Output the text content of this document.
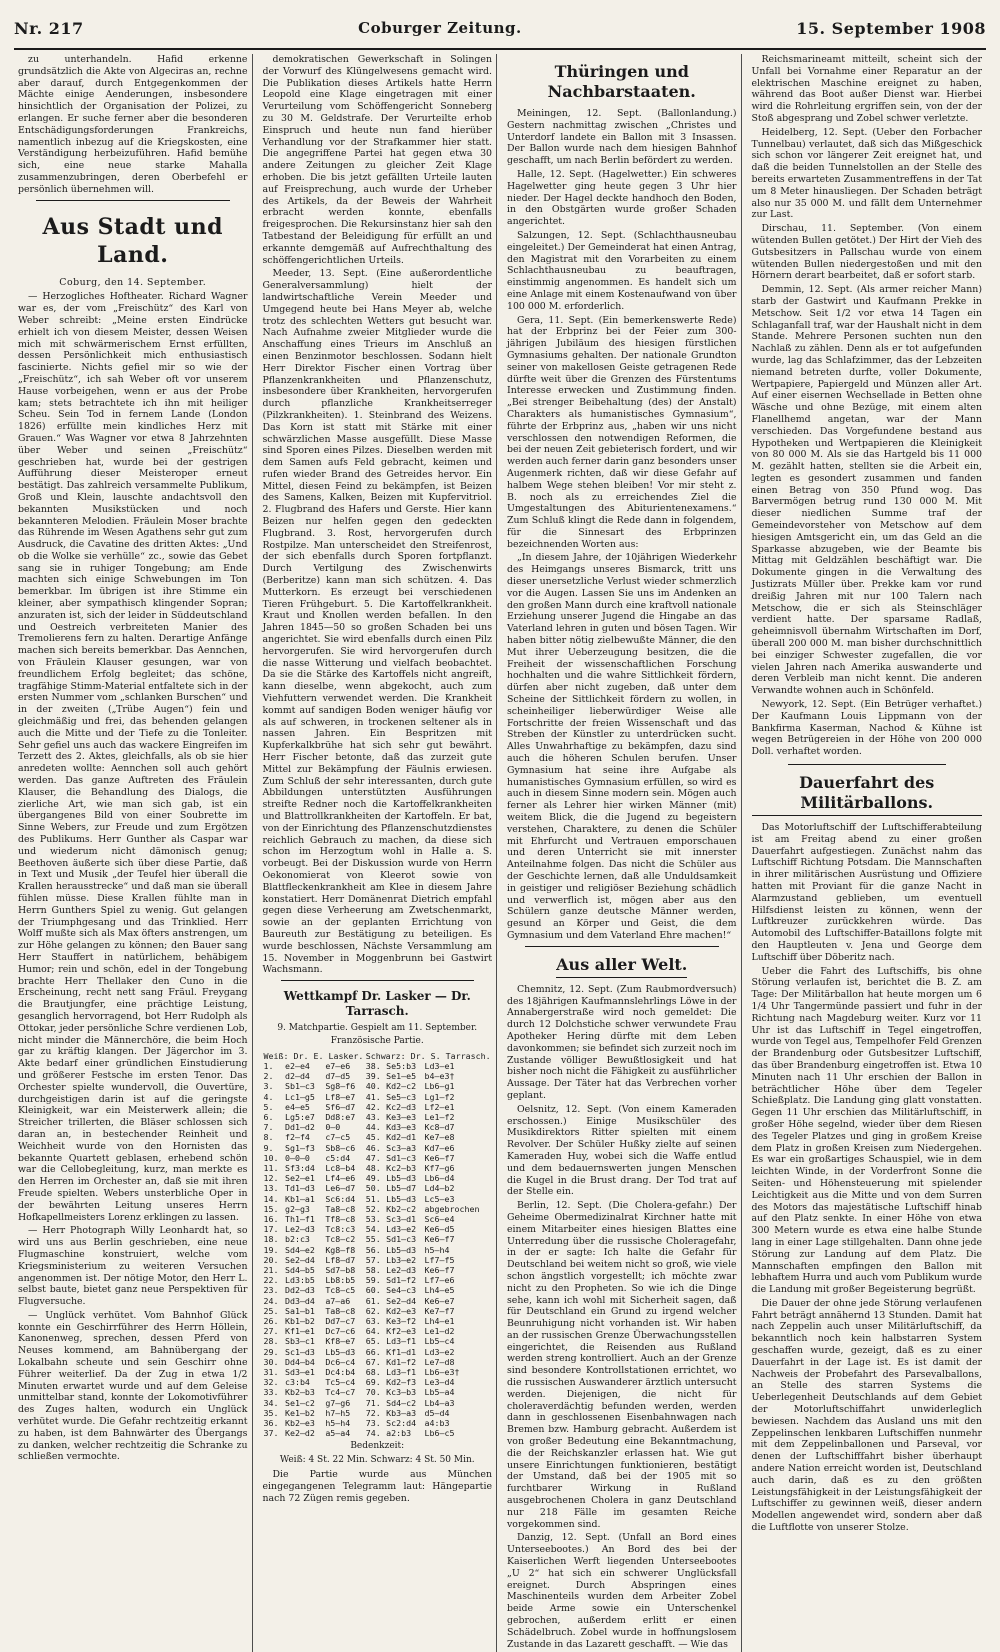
Nr. 217	Coburger Zeitung.	15. September 1908

zu unterhandeln. Hafid erkenne grundsätzlich die Akte von Algeciras an, rechne aber darauf, durch Entgegenkommen der Mächte einige Aenderungen, insbesondere hinsichtlich der Organisation der Polizei, zu erlangen. Er suche ferner aber die besonderen Entschädigungsforderungen Frankreichs, namentlich inbezug auf die Kriegskosten, eine Verständigung herbeizuführen. Hafid bemühe sich, eine neue starke Mahalla zusammenzubringen, deren Oberbefehl er persönlich übernehmen will.

Aus Stadt und Land.
Coburg, den 14. September.

— Herzogliches Hoftheater. Richard Wagner war es, der vom „Freischütz“ des Karl von Weber schreibt: „Meine ersten Eindrücke erhielt ich von diesem Meister, dessen Weisen mich mit schwärmerischem Ernst erfüllten, dessen Persönlichkeit mich enthusiastisch fascinierte. Nichts gefiel mir so wie der „Freischütz“, ich sah Weber oft vor unserem Hause vorbeigehen, wenn er aus der Probe kam; stets betrachtete ich ihn mit heiliger Scheu. Sein Tod in fernem Lande (London 1826) erfüllte mein kindliches Herz mit Grauen.“ Was Wagner vor etwa 8 Jahrzehnten über Weber und seinen „Freischütz“ geschrieben hat, wurde bei der gestrigen Aufführung dieser Meisteroper erneut bestätigt. Das zahlreich versammelte Publikum, Groß und Klein, lauschte andachtsvoll den bekannten Musikstücken und noch bekannteren Melodien. Fräulein Moser brachte das Rührende im Wesen Agathens sehr gut zum Ausdruck, die Cavatine des dritten Aktes: „Und ob die Wolke sie verhülle“ zc., sowie das Gebet sang sie in ruhiger Tongebung; am Ende machten sich einige Schwebungen im Ton bemerkbar. Im übrigen ist ihre Stimme ein kleiner, aber sympathisch klingender Sopran; anzuraten ist, sich der leider in Süddeutschland und Oestreich verbreiteten Manier des Tremolierens fern zu halten. Derartige Anfänge machen sich bereits bemerkbar. Das Aennchen, von Fräulein Klauser gesungen, war von freundlichem Erfolg begleitet; das schöne, tragfähige Stimm-Material entfaltete sich in der ersten Nummer vom „schlanken Burschen“ und in der zweiten („Trübe Augen“) fein und gleichmäßig und frei, das behenden gelangen auch die Mitte und der Tiefe zu die Tonleiter. Sehr gefiel uns auch das wackere Eingreifen im Terzett des 2. Aktes, gleichfalls, als ob sie hier anredeten wollte: Aennchen soll auch gehört werden. Das ganze Auftreten des Fräulein Klauser, die Behandlung des Dialogs, die zierliche Art, wie man sich gab, ist ein übergangenes Bild von einer Soubrette im Sinne Webers, zur Freude und zum Ergötzen des Publikums. Herr Gunther als Caspar war und wiederum nicht dämonisch genug; Beethoven äußerte sich über diese Partie, daß in Text und Musik „der Teufel hier überall die Krallen herausstrecke“ und daß man sie überall fühlen müsse. Diese Krallen fühlte man in Herrn Gunthers Spiel zu wenig. Gut gelangen der Triumphgesang und das Trinklied. Herr Wolff mußte sich als Max öfters anstrengen, um zur Höhe gelangen zu können; den Bauer sang Herr Stauffert in natürlichem, behäbigem Humor; rein und schön, edel in der Tongebung brachte Herr Thellaker den Cuno in die Erscheinung, recht nett sang Fräul. Freygang die Brautjungfer, eine prächtige Leistung, gesanglich hervorragend, bot Herr Rudolph als Ottokar, jeder persönliche Schre verdienen Lob, nicht minder die Männerchöre, die beim Hoch gar zu kräftig klangen. Der Jägerchor im 3. Akte bedarf einer gründlichen Einstudierung und größerer Festsche im ersten Tenor. Das Orchester spielte wundervoll, die Ouvertüre, durchgeistigen darin ist auf die geringste Kleinigkeit, war ein Meisterwerk allein; die Streicher trillerten, die Bläser schlossen sich daran an, in bestechender Reinheit und Weichheit wurde von den Hornisten das bekannte Quartett geblasen, erhebend schön war die Cellobegleitung, kurz, man merkte es den Herren im Orchester an, daß sie mit ihren Freude spielten. Webers unsterbliche Oper in der bewährten Leitung unseres Herrn Hofkapellmeisters Lorenz erklingen zu lassen.

— Herr Photograph Willy Leonhardt hat, so wird uns aus Berlin geschrieben, eine neue Flugmaschine konstruiert, welche vom Kriegsministerium zu weiteren Versuchen angenommen ist. Der nötige Motor, den Herr L. selbst baute, bietet ganz neue Perspektiven für Flugversuche.

— Unglück verhütet. Vom Bahnhof Glück konnte ein Geschirrführer des Herrn Höllein, Kanonenweg, sprechen, dessen Pferd von Neuses kommend, am Bahnübergang der Lokalbahn scheute und sein Geschirr ohne Führer weiterlief. Da der Zug in etwa 1/2 Minuten erwartet wurde und auf dem Geleise unmittelbar stand, konnte der Lokomotivführer des Zuges halten, wodurch ein Unglück verhütet wurde. Die Gefahr rechtzeitig erkannt zu haben, ist dem Bahnwärter des Übergangs zu danken, welcher rechtzeitig die Schranke zu schließen vermochte.

demokratischen Gewerkschaft in Solingen der Vorwurf des Klüngelwesens gemacht wird. Die Publikation dieses Artikels hatte Herrn Leopold eine Klage eingetragen mit einer Verurteilung vom Schöffengericht Sonneberg zu 30 M. Geldstrafe. Der Verurteilte erhob Einspruch und heute nun fand hierüber Verhandlung vor der Strafkammer hier statt. Die angegriffene Partei hat gegen etwa 30 andere Zeitungen zu gleicher Zeit Klage erhoben. Die bis jetzt gefällten Urteile lauten auf Freisprechung, auch wurde der Urheber des Artikels, da der Beweis der Wahrheit erbracht werden konnte, ebenfalls freigesprochen. Die Rekursinstanz hier sah den Tatbestand der Beleidigung für erfüllt an und erkannte demgemäß auf Aufrechthaltung des schöffengerichtlichen Urteils.

Meeder, 13. Sept. (Eine außerordentliche Generalversammlung) hielt der landwirtschaftliche Verein Meeder und Umgegend heute bei Hans Meyer ab, welche trotz des schlechten Wetters gut besucht war. Nach Aufnahme zweier Mitglieder wurde die Anschaffung eines Trieurs im Anschluß an einen Benzinmotor beschlossen. Sodann hielt Herr Direktor Fischer einen Vortrag über Pflanzenkrankheiten und Pflanzenschutz, insbesondere über Krankheiten, hervorgerufen durch pflanzliche Krankheitserreger (Pilzkrankheiten). 1. Steinbrand des Weizens. Das Korn ist statt mit Stärke mit einer schwärzlichen Masse ausgefüllt. Diese Masse sind Sporen eines Pilzes. Dieselben werden mit dem Samen aufs Feld gebracht, keimen und rufen wieder Brand des Getreides hervor. Ein Mittel, diesen Feind zu bekämpfen, ist Beizen des Samens, Kalken, Beizen mit Kupfervitriol. 2. Flugbrand des Hafers und Gerste. Hier kann Beizen nur helfen gegen den gedeckten Flugbrand. 3. Rost, hervorgerufen durch Rostpilze. Man unterscheidet den Streifenrost, der sich ebenfalls durch Sporen fortpflanzt. Durch Vertilgung des Zwischenwirts (Berberitze) kann man sich schützen. 4. Das Mutterkorn. Es erzeugt bei verschiedenen Tieren Frühgeburt. 5. Die Kartoffelkrankheit. Kraut und Knollen werden befallen. In den Jahren 1845—50 so großen Schaden bei uns angerichtet. Sie wird ebenfalls durch einen Pilz hervorgerufen. Sie wird hervorgerufen durch die nasse Witterung und vielfach beobachtet. Da sie die Stärke des Kartoffels nicht angreift, kann dieselbe, wenn abgekocht, auch zum Viehfuttern verwendet werden. Die Krankheit kommt auf sandigen Boden weniger häufig vor als auf schweren, in trockenen seltener als in nassen Jahren. Ein Bespritzen mit Kupferkalkbrühe hat sich sehr gut bewährt. Herr Fischer betonte, daß das zurzeit gute Mittel zur Bekämpfung der Fäulnis erwiesen. Zum Schluß der sehr interessanten, durch gute Abbildungen unterstützten Ausführungen streifte Redner noch die Kartoffelkrankheiten und Blattrollkrankheiten der Kartoffeln. Er bat, von der Einrichtung des Pflanzenschutzdienstes reichlich Gebrauch zu machen, da diese sich schon im Herzogtum wohl in Halle a. S. vorbeugt. Bei der Diskussion wurde von Herrn Oekonomierat von Kleerot sowie von Blattfleckenkrankheit am Klee in diesem Jahre konstatiert. Herr Domänenrat Dietrich empfahl gegen diese Verheerung am Zwetschenmarkt, sowie an der geplanten Errichtung von Baureuth zur Bestätigung zu beteiligen. Es wurde beschlossen, Nächste Versammlung am 15. November in Moggenbrunn bei Gastwirt Wachsmann.

Wettkampf Dr. Lasker — Dr. Tarrasch.
9. Matchpartie. Gespielt am 11. September.
Französische Partie.
Weiß: Dr. E. Lasker.			Schwarz: Dr. S. Tarrasch.		
1.	e2—e4	e7—e6	38.	Se5:b3	Ld3—e1
2.	d2—d4	d7—d5	39.	Se1—e5	b4—e3†
3.	Sb1—c3	Sg8—f6	40.	Kd2—c2	Lb6—g1
4.	Lc1—g5	Lf8—e7	41.	Se5—c3	Lg1—f2
5.	e4—e5	Sf6—d7	42.	Kc2—d3	Lf2—e1
6.	Lg5:e7	Dd8:e7	43.	Ke3—e3	Le1—f2
7.	Dd1—d2	0—0	44.	Kd3—e3	Kc8—d7
8.	f2—f4	c7—c5	45.	Kd2—d1	Ke7—e8
9.	Sg1—f3	Sb8—c6	46.	Sc3—a3	Kd7—e6
10.	0—0—0	c5:d4	47.	Sd1—c3	Ke6—f7
11.	Sf3:d4	Lc8—b4	48.	Kc2—b3	Kf7—g6
12.	Se2—e1	Lf4—e6	49.	Lb5—d3	Lb6—d4
13.	Td1—d3	Le6—d7	50.	Lb5—d7	Ld4—b2
14.	Kb1—a1	Sc6:d4	51.	Lb5—d3	Lc5—e3
15.	g2—g3	Ta8—c8	52.	Kb2—c2	abgebrochen
16.	Th1—f1	Tf8—c8	53.	Sc3—d1	Sc6—e4
17.	Le2—d3	Tc8:c3	54.	Ld3—e2	Ke6—d5
18.	b2:c3	Tc8—c2	55.	Sd1—c3	Ke6—f7
19.	Sd4—e2	Kg8—f8	56.	Lb5—d3	h5—h4
20.	Se2—d4	Lf8—d7	57.	Lb3—e2	Lf7—f5
21.	Sd4—b5	Sd7—b8	58.	Le2—d3	Ke6—f7
22.	Ld3:b5	Lb8:b5	59.	Sd1—f2	Lf7—e6
23.	Dd2—d3	Tc8—c5	60.	Se4—c3	Lh4—e5
24.	Dd3—d4	a7—a6	61.	Se2—d4	Ke6—e7
25.	Sa1—b1	Ta8—c8	62.	Kd2—e3	Ke7—f7
26.	Kb1—b2	Dd7—c7	63.	Ke3—f2	Lh4—e1
27.	Kf1—e1	Dc7—c6	64.	Kf2—e3	Le1—d2
28.	Sb3—c1	Kf8—e7	65.	Ld3—f1	Lb5—c4
29.	Sc1—d3	Lb5—d3	66.	Kf1—d1	Ld3—e2
30.	Dd4—b4	Dc6—c4	67.	Kd1—f2	Le7—d8
31.	Sd3—e1	Dc4:b4	68.	Ld3—f1	Lb6—e3†
32.	c3:b4	Tc5—c4	69.	Kd2—f3	Le3—d4
33.	Kb2—b3	Tc4—c7	70.	Kc3—b3	Lb5—a4
34.	Se1—c2	g7—g6	71.	Sd4—c2	Lb4—a3
35.	Ke1—b2	h7—h5	72.	Kb3—a3	d5—d4
36.	Kb2—e3	h5—h4	73.	Sc2:d4	a4:b3
37.	Ke2—d2	a5—a4	74.	a2:b3	Lb6—c5
Bedenkzeit:
Weiß: 4 St. 22 Min. Schwarz: 4 St. 50 Min.

Die Partie wurde aus München eingegangenen Telegramm laut: Hängepartie nach 72 Zügen remis gegeben.

Thüringen und Nachbarstaaten.

Meiningen, 12. Sept. (Ballonlandung.) Gestern nachmittag zwischen „Christes und Unterdorf landete ein Ballon mit 3 Insassen. Der Ballon wurde nach dem hiesigen Bahnhof geschafft, um nach Berlin befördert zu werden.

Halle, 12. Sept. (Hagelwetter.) Ein schweres Hagelwetter ging heute gegen 3 Uhr hier nieder. Der Hagel deckte handhoch den Boden, in den Obstgärten wurde großer Schaden angerichtet.

Salzungen, 12. Sept. (Schlachthausneubau eingeleitet.) Der Gemeinderat hat einen Antrag, den Magistrat mit den Vorarbeiten zu einem Schlachthausneubau zu beauftragen, einstimmig angenommen. Es handelt sich um eine Anlage mit einem Kostenaufwand von über 100 000 M. erforderlich.

Gera, 11. Sept. (Ein bemerkenswerte Rede) hat der Erbprinz bei der Feier zum 300-jährigen Jubiläum des hiesigen fürstlichen Gymnasiums gehalten. Der nationale Grundton seiner von makellosen Geiste getragenen Rede dürfte weit über die Grenzen des Fürstentums Interesse erwecken und Zustimmung finden. „Bei strenger Beibehaltung (des) der Anstalt) Charakters als humanistisches Gymnasium“, führte der Erbprinz aus, „haben wir uns nicht verschlossen den notwendigen Reformen, die bei der neuen Zeit gebieterisch fordert, und wir werden auch ferner darin ganz besonders unser Augenmerk richten, daß wir diese Gefahr auf halbem Wege stehen bleiben! Vor mir steht z. B. noch als zu erreichendes Ziel die Umgestaltungen des Abiturientenexamens.“ Zum Schluß klingt die Rede dann in folgendem, für die Sinnesart des Erbprinzen bezeichnenden Worten aus:

„In diesem Jahre, der 10jährigen Wiederkehr des Heimgangs unseres Bismarck, tritt uns dieser unersetzliche Verlust wieder schmerzlich vor die Augen. Lassen Sie uns im Andenken an den großen Mann durch eine kraftvoll nationale Erziehung unserer Jugend die Hingabe an das Vaterland lehren in guten und bösen Tagen. Wir haben bitter nötig zielbewußte Männer, die den Mut ihrer Ueberzeugung besitzen, die die Freiheit der wissenschaftlichen Forschung hochhalten und die wahre Sittlichkeit fördern, dürfen aber nicht zugeben, daß unter dem Scheine der Sittlichkeit fördern zu wollen, in scheinheiliger lieberwürdiger Weise alle Fortschritte der freien Wissenschaft und das Streben der Künstler zu unterdrücken sucht. Alles Unwahrhaftige zu bekämpfen, dazu sind auch die höheren Schulen berufen. Unser Gymnasium hat seine ihre Aufgabe als humanistisches Gymnasium erfüllen, so wird es auch in diesem Sinne modern sein. Mögen auch ferner als Lehrer hier wirken Männer (mit) weitem Blick, die die Jugend zu begeistern verstehen, Charaktere, zu denen die Schüler mit Ehrfurcht und Vertrauen emporschauen und deren Unterricht sie mit innerster Anteilnahme folgen. Das nicht die Schüler aus der Geschichte lernen, daß alle Unduldsamkeit in geistiger und religiöser Beziehung schädlich und verwerflich ist, mögen aber aus den Schülern ganze deutsche Männer werden, gesund an Körper und Geist, die dem Gymnasium und dem Vaterland Ehre machen!“

Aus aller Welt.

Chemnitz, 12. Sept. (Zum Raubmordversuch) des 18jährigen Kaufmannslehrlings Löwe in der Annabergerstraße wird noch gemeldet: Die durch 12 Dolchstiche schwer verwundete Frau Apotheker Hering dürfte mit dem Leben davonkommen; sie befindet sich zurzeit noch im Zustande völliger Bewußtlosigkeit und hat bisher noch nicht die Fähigkeit zu ausführlicher Aussage. Der Täter hat das Verbrechen vorher geplant.

Oelsnitz, 12. Sept. (Von einem Kameraden erschossen.) Einige Musikschüler des Musikdirektors Ritter spielten mit einem Revolver. Der Schüler Hußky zielte auf seinen Kameraden Huy, wobei sich die Waffe entlud und dem bedauernswerten jungen Menschen die Kugel in die Brust drang. Der Tod trat auf der Stelle ein.

Berlin, 12. Sept. (Die Cholera-gefahr.) Der Geheime Obermedizinalrat Kirchner hatte mit einem Mitarbeiter eines hiesigen Blattes eine Unterredung über die russische Choleragefahr, in der er sagte: Ich halte die Gefahr für Deutschland bei weitem nicht so groß, wie viele schon ängstlich vorgestellt; ich möchte zwar nicht zu den Propheten. So wie ich die Dinge sehe, kann ich wohl mit Sicherheit sagen, daß für Deutschland ein Grund zu irgend welcher Beunruhigung nicht vorhanden ist. Wir haben an der russischen Grenze Überwachungsstellen eingerichtet, die Reisenden aus Rußland werden streng kontrolliert. Auch an der Grenze sind besondere Kontrollstationen errichtet, wo die russischen Auswanderer ärztlich untersucht werden. Diejenigen, die nicht für choleraverdächtig befunden werden, werden dann in geschlossenen Eisenbahnwagen nach Bremen bzw. Hamburg gebracht. Außerdem ist von großer Bedeutung eine Bekanntmachung, die der Reichskanzler erlassen hat. Wie gut unsere Einrichtungen funktionieren, bestätigt der Umstand, daß bei der 1905 mit so furchtbarer Wirkung in Rußland ausgebrochenen Cholera in ganz Deutschland nur 218 Fälle im gesamten Reiche vorgekommen sind.

Danzig, 12. Sept. (Unfall an Bord eines Unterseebootes.) An Bord des bei der Kaiserlichen Werft liegenden Unterseebootes „U 2“ hat sich ein schwerer Unglücksfall ereignet. Durch Abspringen eines Maschinenteils wurden dem Arbeiter Zobel beide Arme sowie ein Unterschenkel gebrochen, außerdem erlitt er einen Schädelbruch. Zobel wurde in hoffnungslosem Zustande in das Lazarett geschafft. — Wie das

Reichsmarineamt mitteilt, scheint sich der Unfall bei Vornahme einer Reparatur an der elektrischen Maschine ereignet zu haben, während das Boot außer Dienst war. Hierbei wird die Rohrleitung ergriffen sein, von der der Stoß abgesprang und Zobel schwer verletzte.

Heidelberg, 12. Sept. (Ueber den Forbacher Tunnelbau) verlautet, daß sich das Mißgeschick sich schon vor längerer Zeit ereignet hat, und daß die beiden Tunnelstollen an der Stelle des bereits erwarteten Zusammentreffens in der Tat um 8 Meter hinausliegen. Der Schaden beträgt also nur 35 000 M. und fällt dem Unternehmer zur Last.

Dirschau, 11. September. (Von einem wütenden Bullen getötet.) Der Hirt der Vieh des Gutsbesitzers in Pallschau wurde von einem wütenden Bullen niedergestoßen und mit den Hörnern derart bearbeitet, daß er sofort starb.

Demmin, 12. Sept. (Als armer reicher Mann) starb der Gastwirt und Kaufmann Prekke in Metschow. Seit 1/2 vor etwa 14 Tagen ein Schlaganfall traf, war der Haushalt nicht in dem Stande. Mehrere Personen suchten nun den Nachlaß zu zählen. Denn als er tot aufgefunden wurde, lag das Schlafzimmer, das der Lebzeiten niemand betreten durfte, voller Dokumente, Wertpapiere, Papiergeld und Münzen aller Art. Auf einer eisernen Wechsellade in Betten ohne Wäsche und ohne Bezüge, mit einem alten Flanellhemd angetan, war der Mann verschieden. Das Vorgefundene bestand aus Hypotheken und Wertpapieren die Kleinigkeit von 80 000 M. Als sie das Hartgeld bis 11 000 M. gezählt hatten, stellten sie die Arbeit ein, legten es gesondert zusammen und fanden einen Betrag von 350 Pfund wog. Das Barvermögen betrug rund 130 000 M. Mit dieser niedlichen Summe traf der Gemeindevorsteher von Metschow auf dem hiesigen Amtsgericht ein, um das Geld an die Sparkasse abzugeben, wie der Beamte bis Mittag mit Geldzählen beschäftigt war. Die Dokumente gingen in die Verwaltung des Justizrats Müller über. Prekke kam vor rund dreißig Jahren mit nur 100 Talern nach Metschow, die er sich als Steinschläger verdient hatte. Der sparsame Radlaß, geheimnisvoll übernahm Wirtschaften im Dorf, überall 200 000 M. man bisher durchschnittlich bei einziger Schwester zugefallen, die vor vielen Jahren nach Amerika auswanderte und deren Verbleib man nicht kennt. Die anderen Verwandte wohnen auch in Schönfeld.

Newyork, 12. Sept. (Ein Betrüger verhaftet.) Der Kaufmann Louis Lippmann von der Bankfirma Kaserman, Nachod & Kühne ist wegen Betrügereien in der Höhe von 200 000 Doll. verhaftet worden.

Dauerfahrt des Militärballons.

Das Motorluftschiff der Luftschifferabteilung ist am Freitag abend zu einer großen Dauerfahrt aufgestiegen. Zunächst nahm das Luftschiff Richtung Potsdam. Die Mannschaften in ihrer militärischen Ausrüstung und Offiziere hatten mit Proviant für die ganze Nacht in Alarmzustand geblieben, um eventuell Hilfsdienst leisten zu können, wenn der Luftkreuzer zurückkehren würde. Das Automobil des Luftschiffer-Bataillons folgte mit den Hauptleuten v. Jena und George dem Luftschiff über Döberitz nach.

Ueber die Fahrt des Luftschiffs, bis ohne Störung verlaufen ist, berichtet die B. Z. am Tage: Der Militärballon hat heute morgen um 6 1/4 Uhr Tangermünde passiert und fuhr in der Richtung nach Magdeburg weiter. Kurz vor 11 Uhr ist das Luftschiff in Tegel eingetroffen, wurde von Tegel aus, Tempelhofer Feld Grenzen der Brandenburg oder Gutsbesitzer Luftschiff, das über Brandenburg eingetroffen ist. Etwa 10 Minuten nach 11 Uhr erschien der Ballon in beträchtlicher Höhe über dem Tegeler Schießplatz. Die Landung ging glatt vonstatten. Gegen 11 Uhr erschien das Militärluftschiff, in großer Höhe segelnd, wieder über dem Riesen des Tegeler Platzes und ging in großem Kreise dem Platz in großen Kreisen zum Niedergehen. Es war ein großartiges Schauspiel, wie in dem leichten Winde, in der Vorderfront Sonne die Seiten- und Höhensteuerung mit spielender Leichtigkeit aus die Mitte und von dem Surren des Motors das majestätische Luftschiff hinab auf den Platz senkte. In einer Höhe von etwa 300 Metern wurde es etwa eine halbe Stunde lang in einer Lage stillgehalten. Dann ohne jede Störung zur Landung auf dem Platz. Die Mannschaften empfingen den Ballon mit lebhaftem Hurra und auch vom Publikum wurde die Landung mit großer Begeisterung begrüßt.

Die Dauer der ohne jede Störung verlaufenen Fahrt beträgt annähernd 13 Stunden. Damit hat nach Zeppelin auch unser Militärluftschiff, da bekanntlich noch kein halbstarren System geschaffen wurde, gezeigt, daß es zu einer Dauerfahrt in der Lage ist. Es ist damit der Nachweis der Probefahrt des Parsevalballons, an Stelle des starren Systems die Ueberlegenheit Deutschlands auf dem Gebiet der Motorluftschiffahrt unwiderleglich bewiesen. Nachdem das Ausland uns mit den Zeppelinschen lenkbaren Luftschiffen nunmehr mit dem Zeppelinballonen und Parseval, vor denen der Luftschifffahrt bisher überhaupt andere Nation erreicht worden ist, Deutschland auch darin, daß es zu den größten Leistungsfähigkeit in der Leistungsfähigkeit der Luftschiffer zu gewinnen weiß, dieser andern Modellen angewendet wird, sondern aber daß die Luftflotte von unserer Stolze.
